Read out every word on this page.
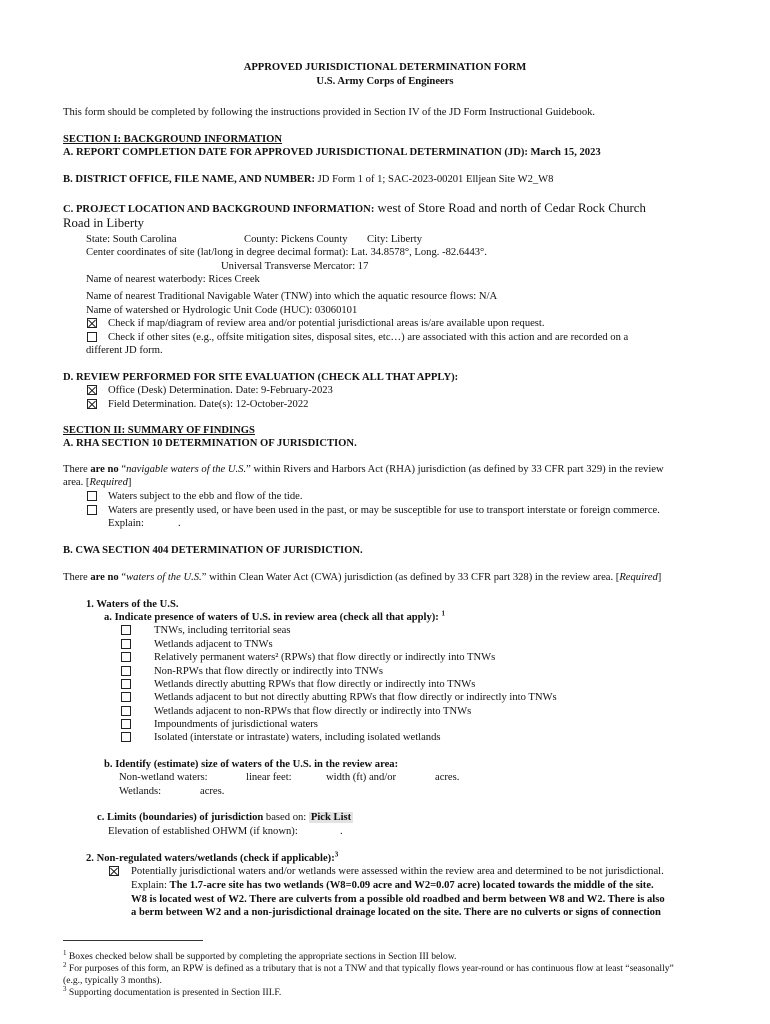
APPROVED JURISDICTIONAL DETERMINATION FORM
U.S. Army Corps of Engineers
This form should be completed by following the instructions provided in Section IV of the JD Form Instructional Guidebook.
SECTION I: BACKGROUND INFORMATION
A. REPORT COMPLETION DATE FOR APPROVED JURISDICTIONAL DETERMINATION (JD): March 15, 2023
B. DISTRICT OFFICE, FILE NAME, AND NUMBER: JD Form 1 of 1; SAC-2023-00201 Elljean Site W2_W8
C. PROJECT LOCATION AND BACKGROUND INFORMATION: west of Store Road and north of Cedar Rock Church
Road in Liberty
State: South Carolina	County: Pickens County City: Liberty
Center coordinates of site (lat/long in degree decimal format): Lat. 34.8578°, Long. -82.6443°.
Universal Transverse Mercator: 17
Name of nearest waterbody: Rices Creek
Name of nearest Traditional Navigable Water (TNW) into which the aquatic resource flows: N/A
Name of watershed or Hydrologic Unit Code (HUC): 03060101
Check if map/diagram of review area and/or potential jurisdictional areas is/are available upon request.
Check if other sites (e.g., offsite mitigation sites, disposal sites, etc…) are associated with this action and are recorded on a
different JD form.
D. REVIEW PERFORMED FOR SITE EVALUATION (CHECK ALL THAT APPLY):
Office (Desk) Determination. Date: 9-February-2023
Field Determination. Date(s): 12-October-2022
SECTION II: SUMMARY OF FINDINGS
A. RHA SECTION 10 DETERMINATION OF JURISDICTION.
There are no “navigable waters of the U.S.” within Rivers and Harbors Act (RHA) jurisdiction (as defined by 33 CFR part 329) in the review
area. [Required]
Waters subject to the ebb and flow of the tide.
Waters are presently used, or have been used in the past, or may be susceptible for use to transport interstate or foreign commerce.
Explain:	.
B. CWA SECTION 404 DETERMINATION OF JURISDICTION.
There are no “waters of the U.S.” within Clean Water Act (CWA) jurisdiction (as defined by 33 CFR part 328) in the review area. [Required]
1. Waters of the U.S.
a. Indicate presence of waters of U.S. in review area (check all that apply): $^1$
TNWs, including territorial seas
Wetlands adjacent to TNWs
Relatively permanent waters² (RPWs) that flow directly or indirectly into TNWs
Non-RPWs that flow directly or indirectly into TNWs
Wetlands directly abutting RPWs that flow directly or indirectly into TNWs
Wetlands adjacent to but not directly abutting RPWs that flow directly or indirectly into TNWs
Wetlands adjacent to non-RPWs that flow directly or indirectly into TNWs
Impoundments of jurisdictional waters
Isolated (interstate or intrastate) waters, including isolated wetlands
b. Identify (estimate) size of waters of the U.S. in the review area:
Non-wetland waters:	linear feet:	width (ft) and/or	acres.
Wetlands:	acres.
c. Limits (boundaries) of jurisdiction based on: Pick List
Elevation of established OHWM (if known):	.
2. Non-regulated waters/wetlands (check if applicable):$^3$
Potentially jurisdictional waters and/or wetlands were assessed within the review area and determined to be not jurisdictional.
Explain: The 1.7-acre site has two wetlands (W8=0.09 acre and W2=0.07 acre) located towards the middle of the site.
W8 is located west of W2. There are culverts from a possible old roadbed and berm between W8 and W2. There is also
a berm between W2 and a non-jurisdictional drainage located on the site. There are no culverts or signs of connection
$^1$ Boxes checked below shall be supported by completing the appropriate sections in Section III below.
$^2$ For purposes of this form, an RPW is defined as a tributary that is not a TNW and that typically flows year-round or has continuous flow at least “seasonally”
(e.g., typically 3 months).
$^3$ Supporting documentation is presented in Section III.F.
